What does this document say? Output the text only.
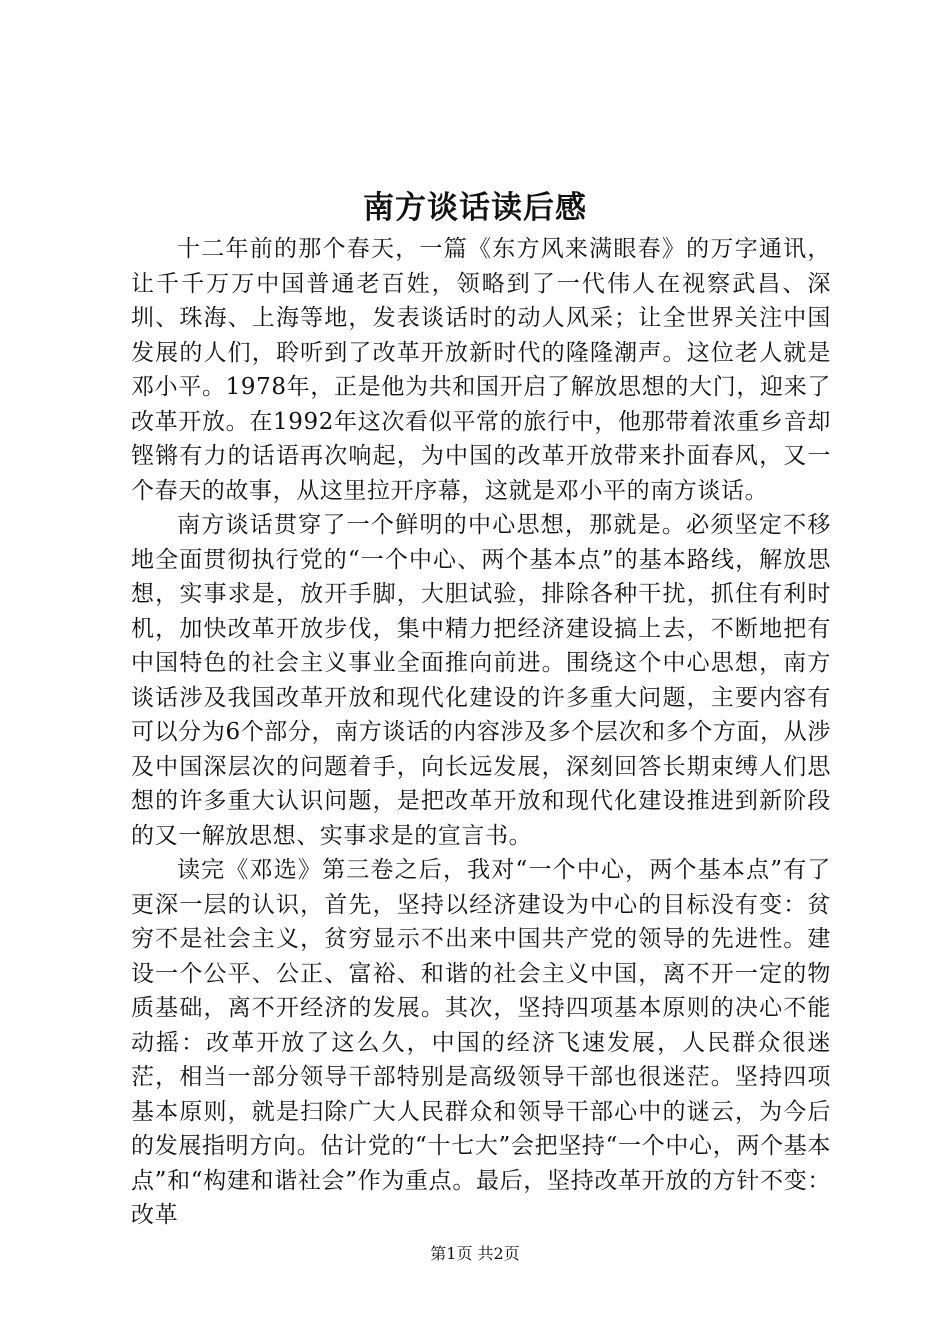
南方谈话读后感

十二年前的那个春天，一篇《东方风来满眼春》的万字通讯，让千千万万中国普通老百姓，领略到了一代伟人在视察武昌、深圳、珠海、上海等地，发表谈话时的动人风采；让全世界关注中国发展的人们，聆听到了改革开放新时代的隆隆潮声。这位老人就是邓小平。1978年，正是他为共和国开启了解放思想的大门，迎来了改革开放。在1992年这次看似平常的旅行中，他那带着浓重乡音却铿锵有力的话语再次响起，为中国的改革开放带来扑面春风，又一个春天的故事，从这里拉开序幕，这就是邓小平的南方谈话。

南方谈话贯穿了一个鲜明的中心思想，那就是。必须坚定不移地全面贯彻执行党的“一个中心、两个基本点”的基本路线，解放思想，实事求是，放开手脚，大胆试验，排除各种干扰，抓住有利时机，加快改革开放步伐，集中精力把经济建设搞上去，不断地把有中国特色的社会主义事业全面推向前进。围绕这个中心思想，南方谈话涉及我国改革开放和现代化建设的许多重大问题，主要内容有可以分为6个部分，南方谈话的内容涉及多个层次和多个方面，从涉及中国深层次的问题着手，向长远发展，深刻回答长期束缚人们思想的许多重大认识问题，是把改革开放和现代化建设推进到新阶段的又一解放思想、实事求是的宣言书。

读完《邓选》第三卷之后，我对“一个中心，两个基本点”有了更深一层的认识，首先，坚持以经济建设为中心的目标没有变：贫穷不是社会主义，贫穷显示不出来中国共产党的领导的先进性。建设一个公平、公正、富裕、和谐的社会主义中国，离不开一定的物质基础，离不开经济的发展。其次，坚持四项基本原则的决心不能动摇：改革开放了这么久，中国的经济飞速发展，人民群众很迷茫，相当一部分领导干部特别是高级领导干部也很迷茫。坚持四项基本原则，就是扫除广大人民群众和领导干部心中的谜云，为今后的发展指明方向。估计党的“十七大”会把坚持“一个中心，两个基本点”和“构建和谐社会”作为重点。最后，坚持改革开放的方针不变：改革

第1页 共2页
